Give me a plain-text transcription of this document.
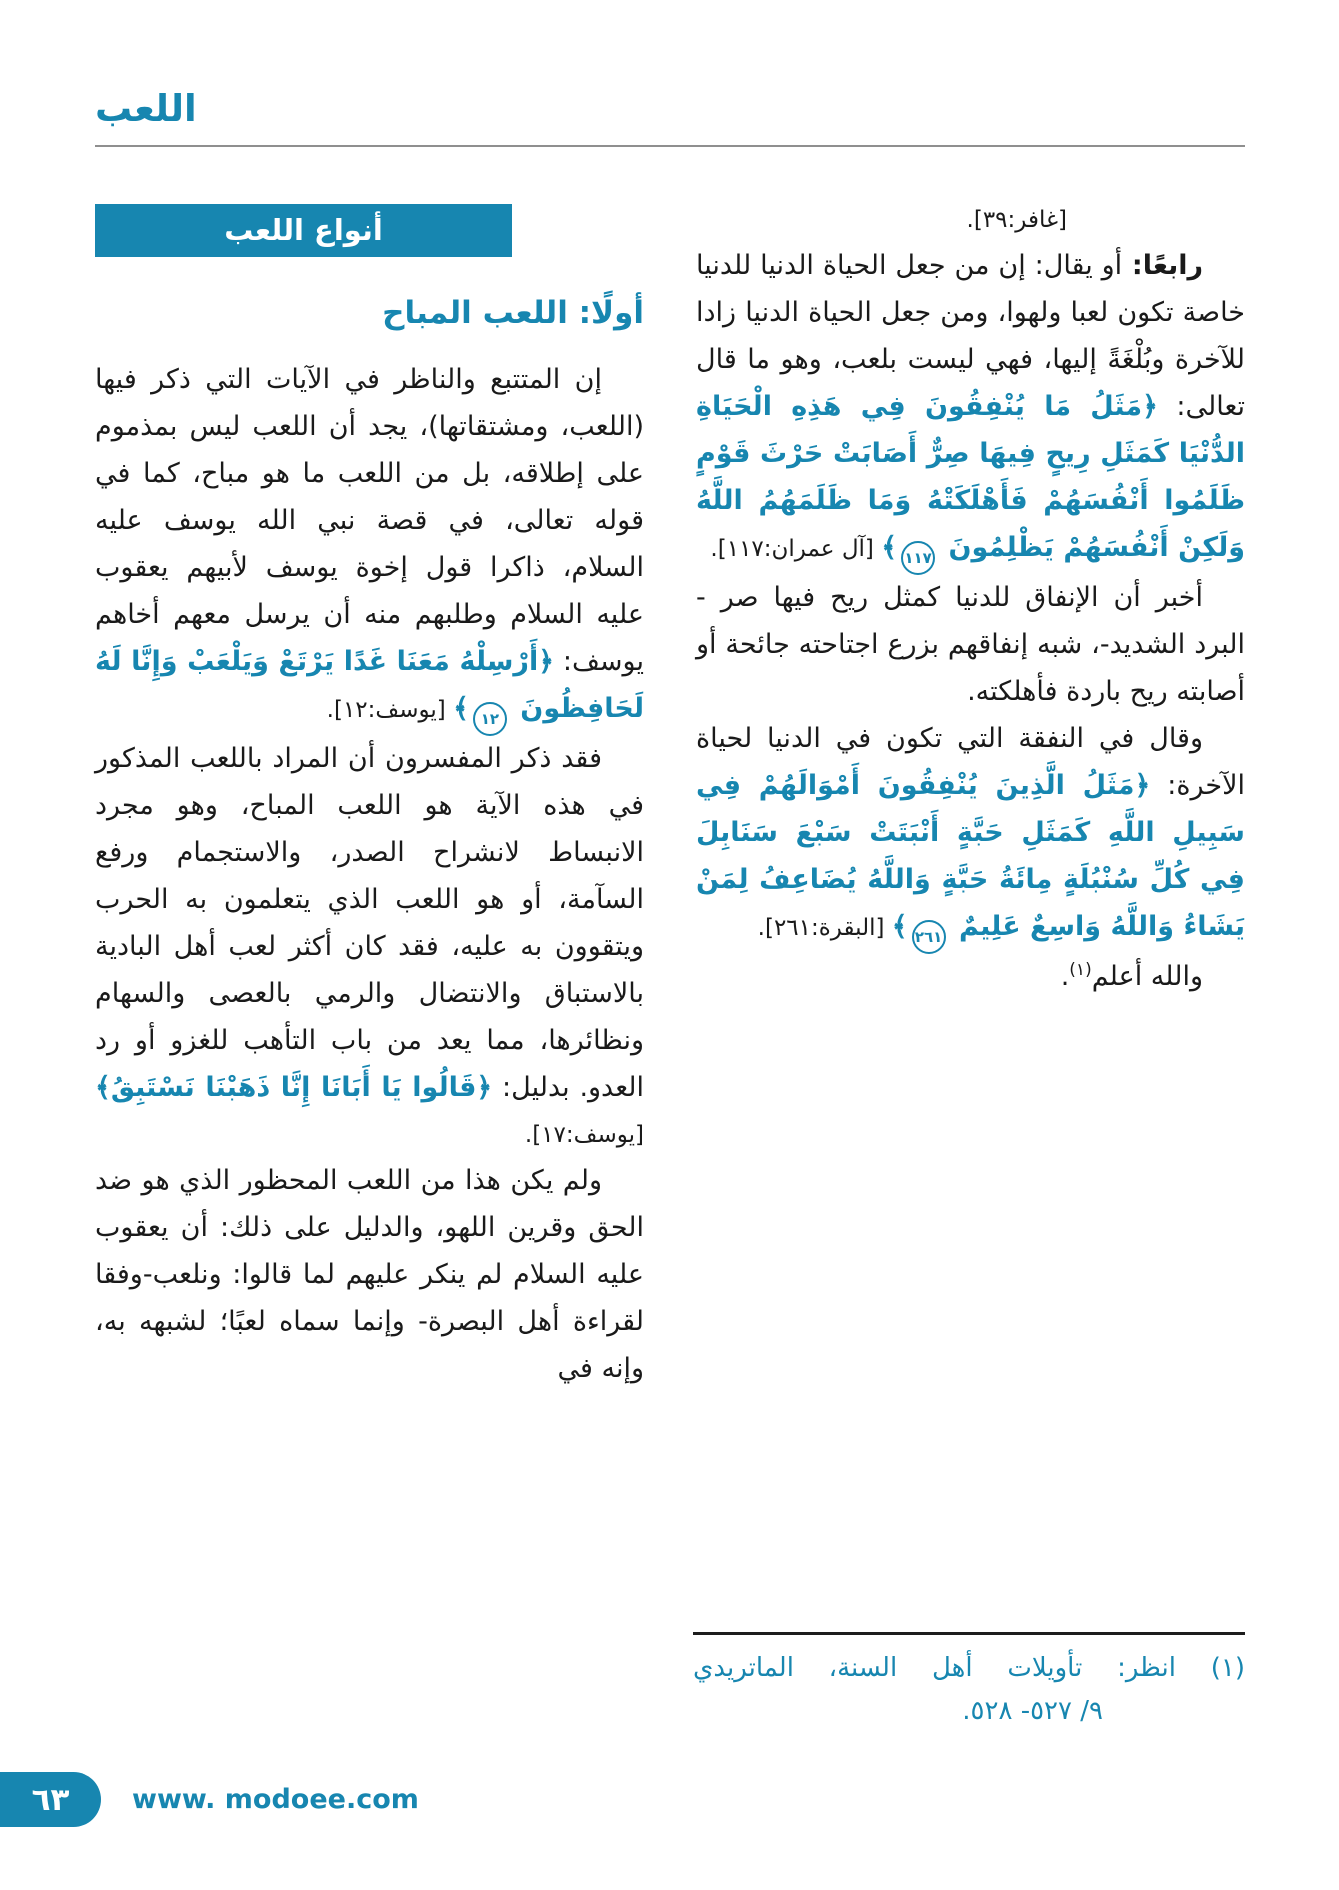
اللعب

[غافر:٣٩].

رابعًا: أو يقال: إن من جعل الحياة الدنيا للدنيا خاصة تكون لعبا ولهوا، ومن جعل الحياة الدنيا زادا للآخرة وبُلْغَةً إليها، فهي ليست بلعب، وهو ما قال تعالى: ﴿مَثَلُ مَا يُنْفِقُونَ فِي هَذِهِ الْحَيَاةِ الدُّنْيَا كَمَثَلِ رِيحٍ فِيهَا صِرٌّ أَصَابَتْ حَرْثَ قَوْمٍ ظَلَمُوا أَنْفُسَهُمْ فَأَهْلَكَتْهُ وَمَا ظَلَمَهُمُ اللَّهُ وَلَكِنْ أَنْفُسَهُمْ يَظْلِمُونَ ١١٧﴾ [آل عمران:١١٧].

أخبر أن الإنفاق للدنيا كمثل ريح فيها صر - البرد الشديد-، شبه إنفاقهم بزرع اجتاحته جائحة أو أصابته ريح باردة فأهلكته.

وقال في النفقة التي تكون في الدنيا لحياة الآخرة: ﴿مَثَلُ الَّذِينَ يُنْفِقُونَ أَمْوَالَهُمْ فِي سَبِيلِ اللَّهِ كَمَثَلِ حَبَّةٍ أَنْبَتَتْ سَبْعَ سَنَابِلَ فِي كُلِّ سُنْبُلَةٍ مِائَةُ حَبَّةٍ وَاللَّهُ يُضَاعِفُ لِمَنْ يَشَاءُ وَاللَّهُ وَاسِعٌ عَلِيمٌ ٢٦١﴾ [البقرة:٢٦١].

والله أعلم$^{(١)}$.

أنواع اللعب
أولًا: اللعب المباح

إن المتتبع والناظر في الآيات التي ذكر فيها (اللعب، ومشتقاتها)، يجد أن اللعب ليس بمذموم على إطلاقه، بل من اللعب ما هو مباح، كما في قوله تعالى، في قصة نبي الله يوسف عليه السلام، ذاكرا قول إخوة يوسف لأبيهم يعقوب عليه السلام وطلبهم منه أن يرسل معهم أخاهم يوسف: ﴿أَرْسِلْهُ مَعَنَا غَدًا يَرْتَعْ وَيَلْعَبْ وَإِنَّا لَهُ لَحَافِظُونَ ١٢﴾ [يوسف:١٢].

فقد ذكر المفسرون أن المراد باللعب المذكور في هذه الآية هو اللعب المباح، وهو مجرد الانبساط لانشراح الصدر، والاستجمام ورفع السآمة، أو هو اللعب الذي يتعلمون به الحرب ويتقوون به عليه، فقد كان أكثر لعب أهل البادية بالاستباق والانتضال والرمي بالعصى والسهام ونظائرها، مما يعد من باب التأهب للغزو أو رد العدو. بدليل: ﴿قَالُوا يَا أَبَانَا إِنَّا ذَهَبْنَا نَسْتَبِقُ﴾ [يوسف:١٧].

ولم يكن هذا من اللعب المحظور الذي هو ضد الحق وقرين اللهو، والدليل على ذلك: أن يعقوب عليه السلام لم ينكر عليهم لما قالوا: ونلعب-وفقا لقراءة أهل البصرة- وإنما سماه لعبًا؛ لشبهه به، وإنه في

(١) انظر: تأويلات أهل السنة، الماتريدي
٩/ ٥٢٧- ٥٢٨.
٦٣	www. modoee.com
